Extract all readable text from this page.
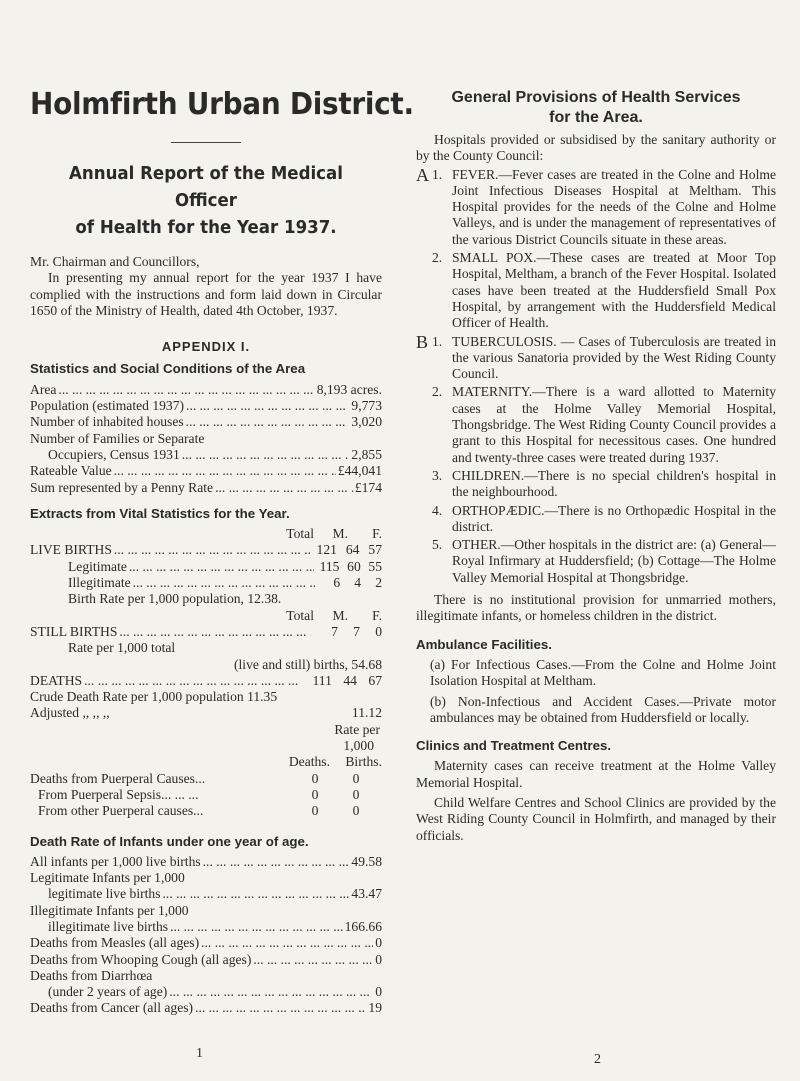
Holmfirth Urban District.
Annual Report of the Medical Officer
of Health for the Year 1937.

Mr. Chairman and Councillors,

In presenting my annual report for the year 1937 I have complied with the instructions and form laid down in Circular 1650 of the Ministry of Health, dated 4th October, 1937.

APPENDIX I.
Statistics and Social Conditions of the Area
Area ... .	8,193 acres.
Population (estimated 1937) ... .	9,773
Number of inhabited houses ... .	3,020
Number of Families or Separate
Occupiers, Census 1931 ... .	2,855
Rateable Value ... .	£44,041
Sum represented by a Penny Rate ... .	£174
Extracts from Vital Statistics for the Year.
Total	M.	F.
LIVE BIRTHS ... .	121 64 57
Legitimate ... .	115 60 55
Illegitimate ... .	6	4	2

Birth Rate per 1,000 population, 12.38.

Total	M.	F.
STILL BIRTHS ... .	7	7	0

Rate per 1,000 total

(live and still) births, 54.68

DEATHS ... .	111 44 67

Crude Death Rate per 1,000 population 11.35

Adjusted ,, ,, ,,	11.12

Rate per

1,000

Deaths.	Births.
Deaths from Puerperal Causes...	0	0
From Puerperal Sepsis... ... ...	0	0
From other Puerperal causes...	0	0
Death Rate of Infants under one year of age.
All infants per 1,000 live births ... .	49.58
Legitimate Infants per 1,000
legitimate live births ... .	43.47
Illegitimate Infants per 1,000
illegitimate live births ... .	166.66
Deaths from Measles (all ages) ... .	0
Deaths from Whooping Cough (all ages) ... .	0
Deaths from Diarrhœa
(under 2 years of age) ... .	0
Deaths from Cancer (all ages) ... .	19
1
General Provisions of Health Services
for the Area.

Hospitals provided or subsidised by the sanitary authority or by the County Council:

A 1. FEVER.—Fever cases are treated in the Colne and Holme Joint Infectious Diseases Hospital at Meltham. This Hospital provides for the needs of the Colne and Holme Valleys, and is under the management of representatives of the various District Councils situate in these areas.
2. SMALL POX.—These cases are treated at Moor Top Hospital, Meltham, a branch of the Fever Hospital. Isolated cases have been treated at the Huddersfield Small Pox Hospital, by arrangement with the Huddersfield Medical Officer of Health.
B 1. TUBERCULOSIS. — Cases of Tuberculosis are treated in the various Sanatoria provided by the West Riding County Council.
2. MATERNITY.—There is a ward allotted to Maternity cases at the Holme Valley Memorial Hospital, Thongsbridge. The West Riding County Council provides a grant to this Hospital for necessitous cases. One hundred and twenty-three cases were treated during 1937.
3. CHILDREN.—There is no special children's hospital in the neighbourhood.
4. ORTHOPÆDIC.—There is no Orthopædic Hospital in the district.
5. OTHER.—Other hospitals in the district are: (a) General—Royal Infirmary at Huddersfield; (b) Cottage—The Holme Valley Memorial Hospital at Thongsbridge.

There is no institutional provision for unmarried mothers, illegitimate infants, or homeless children in the district.

Ambulance Facilities.

(a) For Infectious Cases.—From the Colne and Holme Joint Isolation Hospital at Meltham.

(b) Non-Infectious and Accident Cases.—Private motor ambulances may be obtained from Huddersfield or locally.

Clinics and Treatment Centres.

Maternity cases can receive treatment at the Holme Valley Memorial Hospital.

Child Welfare Centres and School Clinics are provided by the West Riding County Council in Holmfirth, and managed by their officials.

2
